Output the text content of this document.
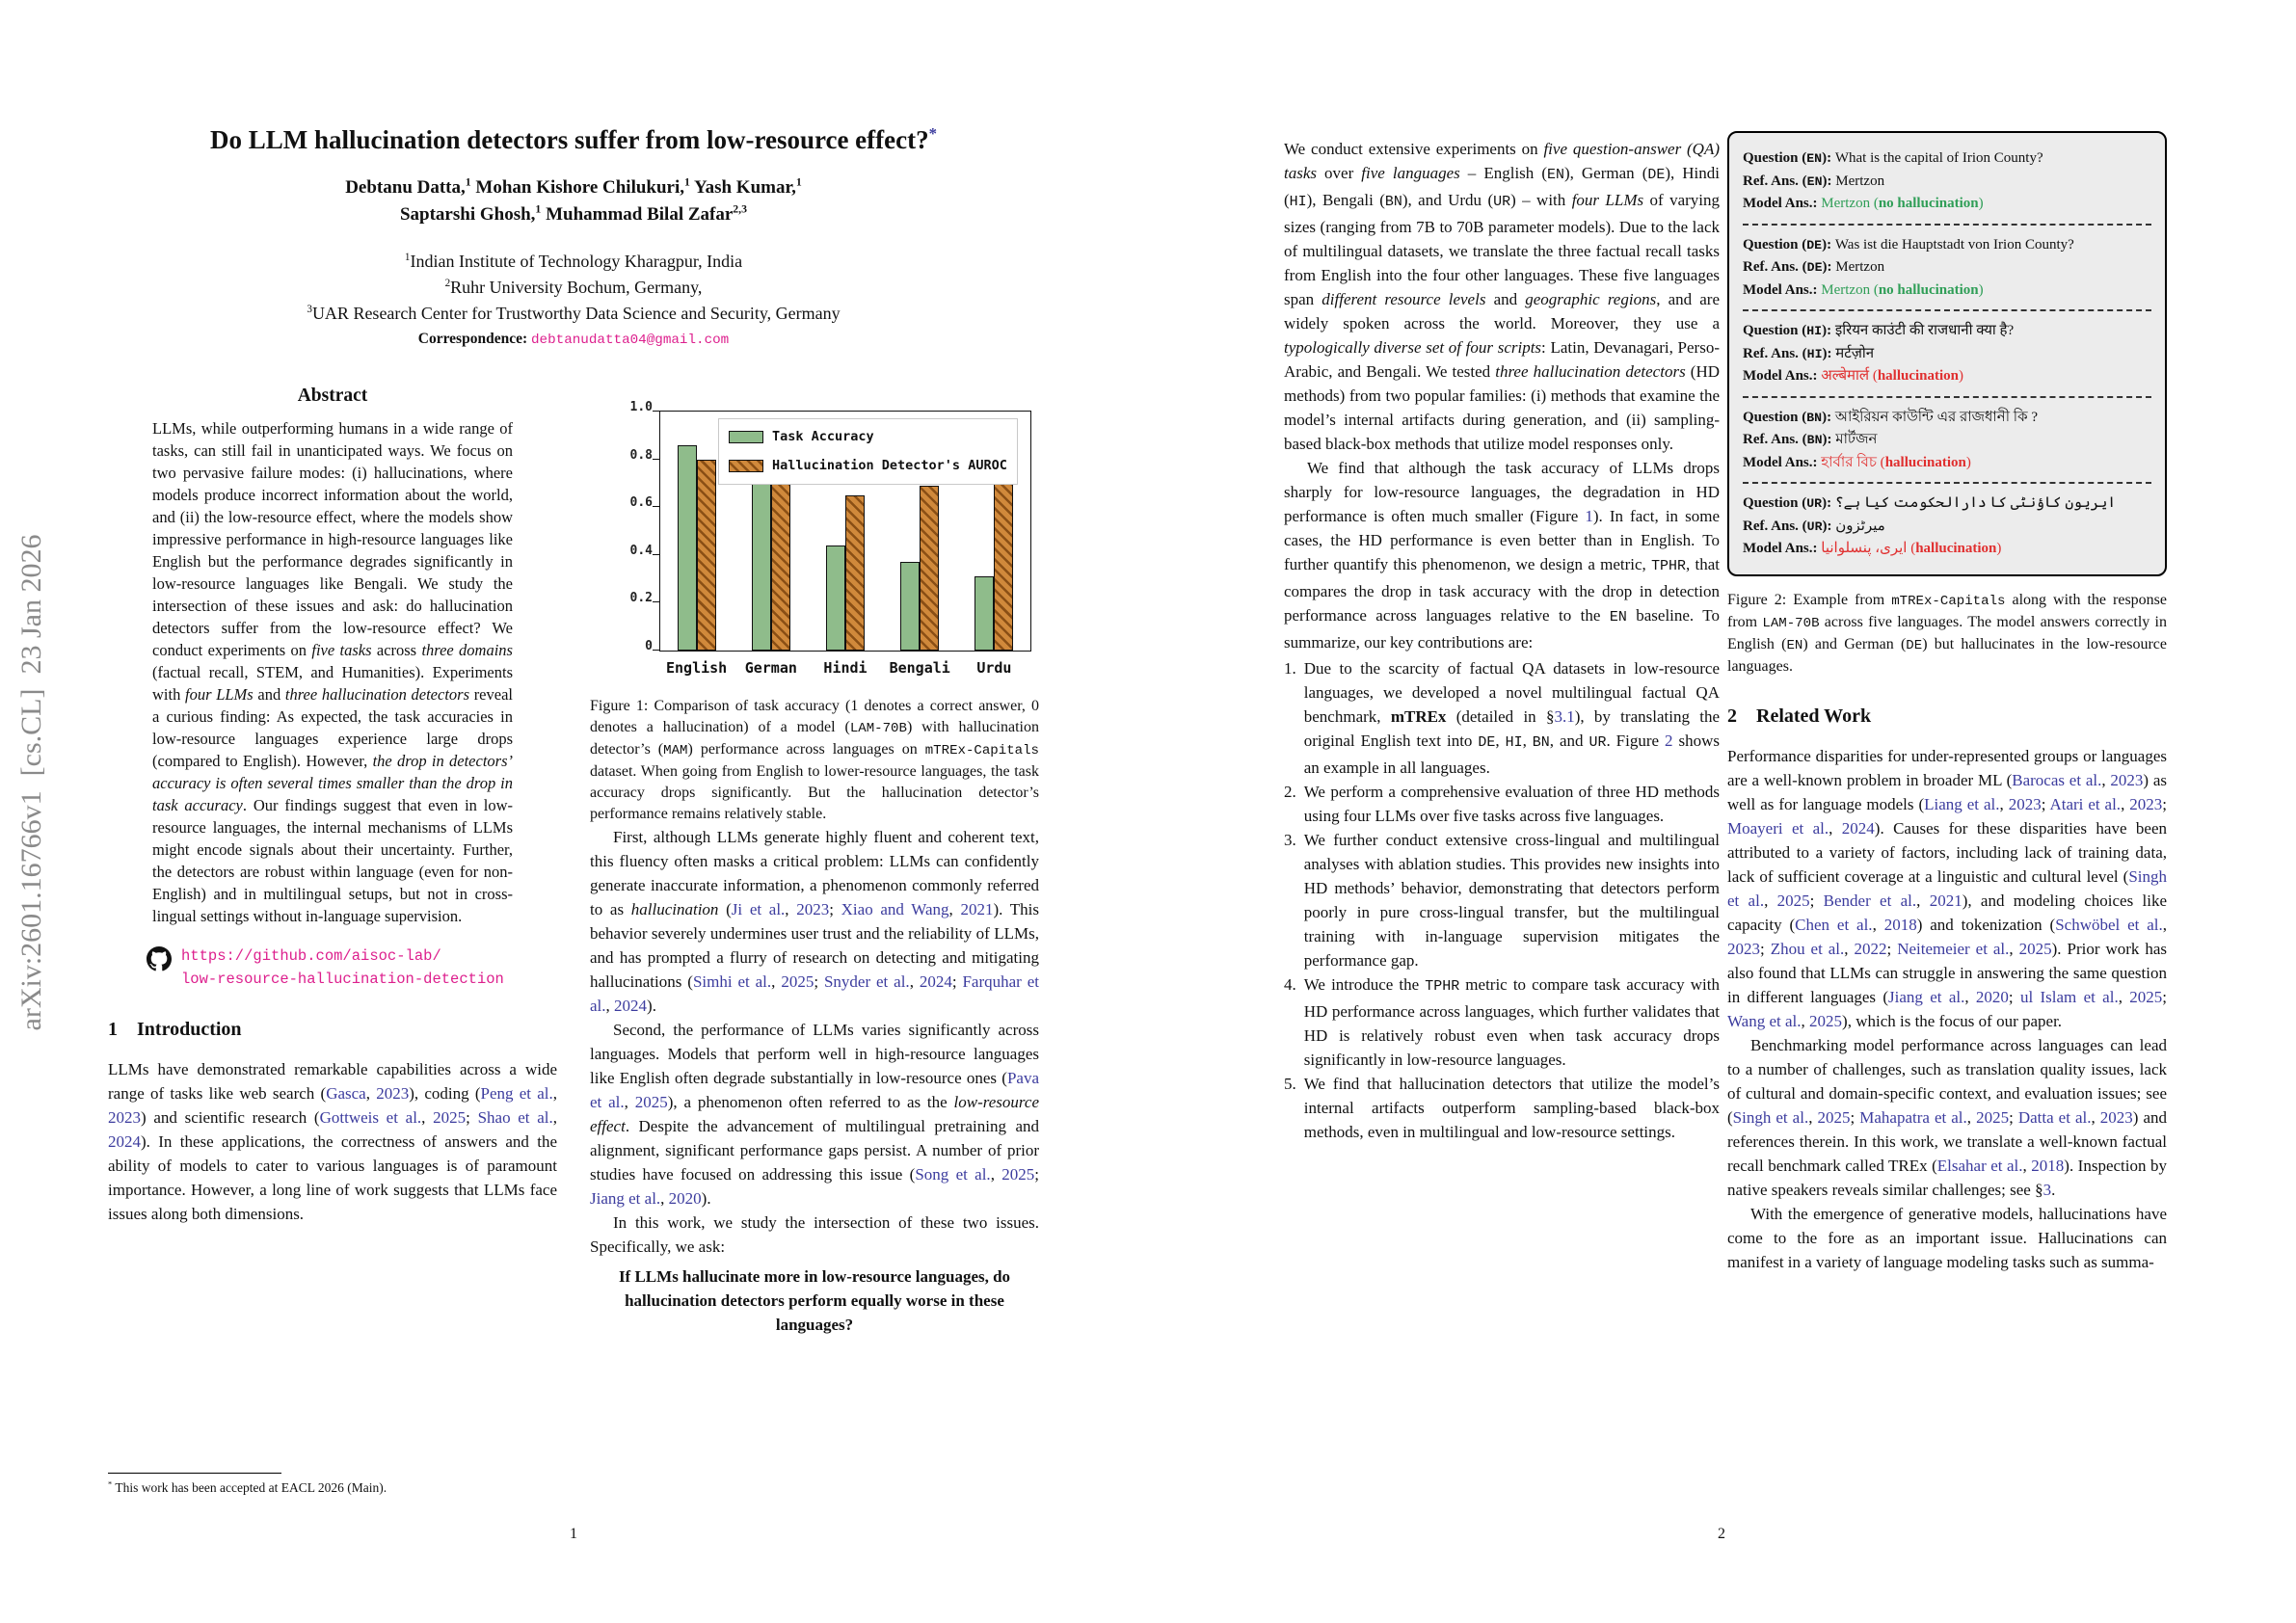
arXiv:2601.16766v1  [cs.CL]  23 Jan 2026
Do LLM hallucination detectors suffer from low-resource effect?*
Debtanu Datta,$^1$ Mohan Kishore Chilukuri,$^1$ Yash Kumar,$^1$
Saptarshi Ghosh,$^1$ Muhammad Bilal Zafar$^{2,3}$
$^1$Indian Institute of Technology Kharagpur, India
$^2$Ruhr University Bochum, Germany,
$^3$UAR Research Center for Trustworthy Data Science and Security, Germany
Correspondence: debtanudatta04@gmail.com
Abstract
LLMs, while outperforming humans in a wide range of tasks, can still fail in unanticipated ways. We focus on two pervasive failure modes: (i) hallucinations, where models produce incorrect information about the world, and (ii) the low-resource effect, where the models show impressive performance in high-resource languages like English but the performance degrades significantly in low-resource languages like Bengali. We study the intersection of these issues and ask: do hallucination detectors suffer from the low-resource effect? We conduct experiments on five tasks across three domains (factual recall, STEM, and Humanities). Experiments with four LLMs and three hallucination detectors reveal a curious finding: As expected, the task accuracies in low-resource languages experience large drops (compared to English). However, the drop in detectors’ accuracy is often several times smaller than the drop in task accuracy. Our findings suggest that even in low-resource languages, the internal mechanisms of LLMs might encode signals about their uncertainty. Further, the detectors are robust within language (even for non-English) and in multilingual setups, but not in cross-lingual settings without in-language supervision.
https://github.com/aisoc-lab/
low-resource-hallucination-detection
1 Introduction
LLMs have demonstrated remarkable capabilities across a wide range of tasks like web search (Gasca, 2023), coding (Peng et al., 2023) and scientific research (Gottweis et al., 2025; Shao et al., 2024). In these applications, the correctness of answers and the ability of models to cater to various languages is of paramount importance. However, a long line of work suggests that LLMs face issues along both dimensions.
* This work has been accepted at EACL 2026 (Main).
1
Task Accuracy
Hallucination Detector's AUROC
0
0.2
0.4
0.6
0.8
1.0
English	German	Hindi	Bengali	Urdu
Figure 1: Comparison of task accuracy (1 denotes a correct answer, 0 denotes a hallucination) of a model (LAM-70B) with hallucination detector’s (MAM) performance across languages on mTREx-Capitals dataset. When going from English to lower-resource languages, the task accuracy drops significantly. But the hallucination detector’s performance remains relatively stable.
First, although LLMs generate highly fluent and coherent text, this fluency often masks a critical problem: LLMs can confidently generate inaccurate information, a phenomenon commonly referred to as hallucination (Ji et al., 2023; Xiao and Wang, 2021). This behavior severely undermines user trust and the reliability of LLMs, and has prompted a flurry of research on detecting and mitigating hallucinations (Simhi et al., 2025; Snyder et al., 2024; Farquhar et al., 2024).
Second, the performance of LLMs varies significantly across languages. Models that perform well in high-resource languages like English often degrade substantially in low-resource ones (Pava et al., 2025), a phenomenon often referred to as the low-resource effect. Despite the advancement of multilingual pretraining and alignment, significant performance gaps persist. A number of prior studies have focused on addressing this issue (Song et al., 2025; Jiang et al., 2020).
In this work, we study the intersection of these two issues. Specifically, we ask:
If LLMs hallucinate more in low-resource languages, do hallucination detectors perform equally worse in these languages?
We conduct extensive experiments on five question-answer (QA) tasks over five languages – English (EN), German (DE), Hindi (HI), Bengali (BN), and Urdu (UR) – with four LLMs of varying sizes (ranging from 7B to 70B parameter models). Due to the lack of multilingual datasets, we translate the three factual recall tasks from English into the four other languages. These five languages span different resource levels and geographic regions, and are widely spoken across the world. Moreover, they use a typologically diverse set of four scripts: Latin, Devanagari, Perso-Arabic, and Bengali. We tested three hallucination detectors (HD methods) from two popular families: (i) methods that examine the model’s internal artifacts during generation, and (ii) sampling-based black-box methods that utilize model responses only.
We find that although the task accuracy of LLMs drops sharply for low-resource languages, the degradation in HD performance is often much smaller (Figure 1). In fact, in some cases, the HD performance is even better than in English. To further quantify this phenomenon, we design a metric, TPHR, that compares the drop in task accuracy with the drop in detection performance across languages relative to the EN baseline. To summarize, our key contributions are:
1. Due to the scarcity of factual QA datasets in low-resource languages, we developed a novel multilingual factual QA benchmark, mTREx (detailed in §3.1), by translating the original English text into DE, HI, BN, and UR. Figure 2 shows an example in all languages.
2. We perform a comprehensive evaluation of three HD methods using four LLMs over five tasks across five languages.
3. We further conduct extensive cross-lingual and multilingual analyses with ablation studies. This provides new insights into HD methods’ behavior, demonstrating that detectors perform poorly in pure cross-lingual transfer, but the multilingual training with in-language supervision mitigates the performance gap.
4. We introduce the TPHR metric to compare task accuracy with HD performance across languages, which further validates that HD is relatively robust even when task accuracy drops significantly in low-resource languages.
5. We find that hallucination detectors that utilize the model’s internal artifacts outperform sampling-based black-box methods, even in multilingual and low-resource settings.
Question (EN): What is the capital of Irion County?
Ref. Ans. (EN): Mertzon
Model Ans.: Mertzon (no hallucination)
Question (DE): Was ist die Hauptstadt von Irion County?
Ref. Ans. (DE): Mertzon
Model Ans.: Mertzon (no hallucination)
Question (HI): इरियन काउंटी की राजधानी क्या है?
Ref. Ans. (HI): मर्टज़ोन
Model Ans.: अल्बेमार्ल (hallucination)
Question (BN): আইরিয়ন কাউন্টি এর রাজধানী কি ?
Ref. Ans. (BN): মার্টজন
Model Ans.: হার্বার বিচ (hallucination)
Question (UR): ایریون کاؤنٹی کا دارالحکومت کیا ہے؟
Ref. Ans. (UR): میرٹزون
Model Ans.: ایری، پنسلوانیا (hallucination)
Figure 2: Example from mTREx-Capitals along with the response from LAM-70B across five languages. The model answers correctly in English (EN) and German (DE) but hallucinates in the low-resource languages.
2 Related Work
Performance disparities for under-represented groups or languages are a well-known problem in broader ML (Barocas et al., 2023) as well as for language models (Liang et al., 2023; Atari et al., 2023; Moayeri et al., 2024). Causes for these disparities have been attributed to a variety of factors, including lack of training data, lack of sufficient coverage at a linguistic and cultural level (Singh et al., 2025; Bender et al., 2021), and modeling choices like capacity (Chen et al., 2018) and tokenization (Schwöbel et al., 2023; Zhou et al., 2022; Neitemeier et al., 2025). Prior work has also found that LLMs can struggle in answering the same question in different languages (Jiang et al., 2020; ul Islam et al., 2025; Wang et al., 2025), which is the focus of our paper.
Benchmarking model performance across languages can lead to a number of challenges, such as translation quality issues, lack of cultural and domain-specific context, and evaluation issues; see (Singh et al., 2025; Mahapatra et al., 2025; Datta et al., 2023) and references therein. In this work, we translate a well-known factual recall benchmark called TREx (Elsahar et al., 2018). Inspection by native speakers reveals similar challenges; see §3.
With the emergence of generative models, hallucinations have come to the fore as an important issue. Hallucinations can manifest in a variety of language modeling tasks such as summa-
2
